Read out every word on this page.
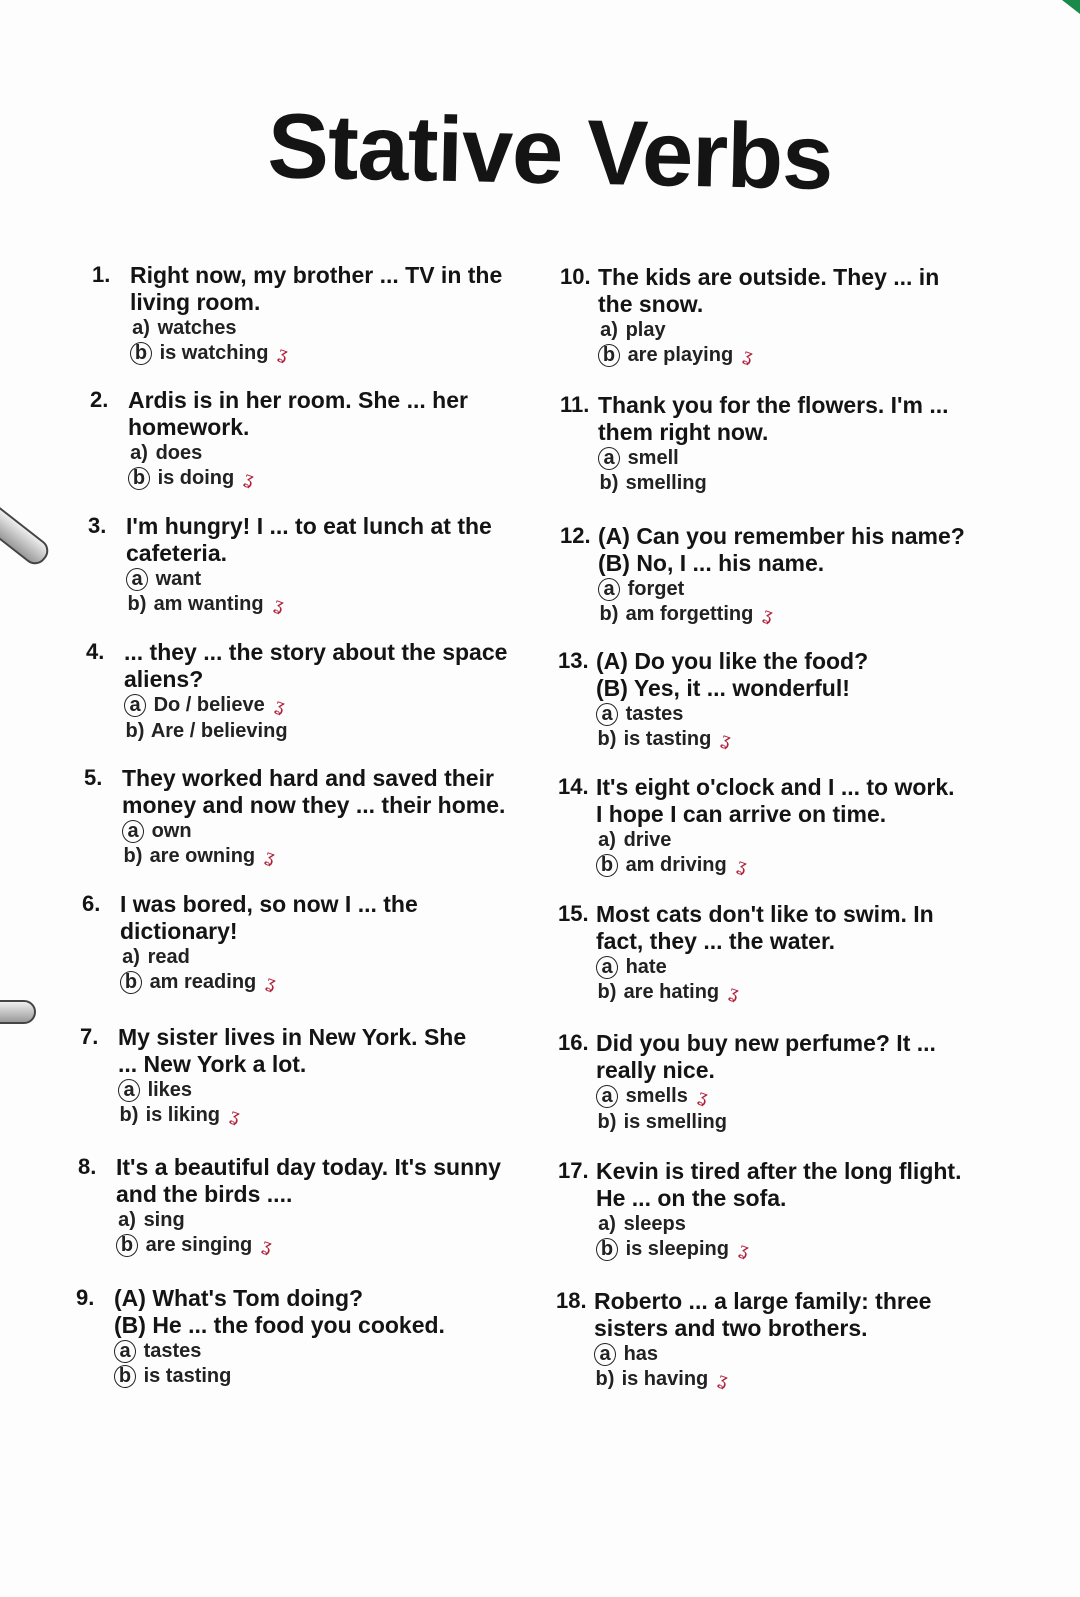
Stative Verbs
1. Right now, my brother ... TV in the
living room.
a) watches
b is watching ʓ
2. Ardis is in her room. She ... her
homework.
a) does
b is doing ʓ
3. I'm hungry! I ... to eat lunch at the
cafeteria.
a want
b) am wanting ʓ
4. ... they ... the story about the space
aliens?
a Do / believe ʓ
b) Are / believing
5. They worked hard and saved their
money and now they ... their home.
a own
b) are owning ʓ
6. I was bored, so now I ... the
dictionary!
a) read
b am reading ʓ
7. My sister lives in New York. She
... New York a lot.
a likes
b) is liking ʓ
8. It's a beautiful day today. It's sunny
and the birds ....
a) sing
b are singing ʓ
9. (A) What's Tom doing?
(B) He ... the food you cooked.
a tastes
b is tasting
10. The kids are outside. They ... in
the snow.
a) play
b are playing ʓ
11. Thank you for the flowers. I'm ...
them right now.
a smell
b) smelling
12. (A) Can you remember his name?
(B) No, I ... his name.
a forget
b) am forgetting ʓ
13. (A) Do you like the food?
(B) Yes, it ... wonderful!
a tastes
b) is tasting ʓ
14. It's eight o'clock and I ... to work.
I hope I can arrive on time.
a) drive
b am driving ʓ
15. Most cats don't like to swim. In
fact, they ... the water.
a hate
b) are hating ʓ
16. Did you buy new perfume? It ...
really nice.
a smells ʓ
b) is smelling
17. Kevin is tired after the long flight.
He ... on the sofa.
a) sleeps
b is sleeping ʓ
18. Roberto ... a large family: three
sisters and two brothers.
a has
b) is having ʓ
